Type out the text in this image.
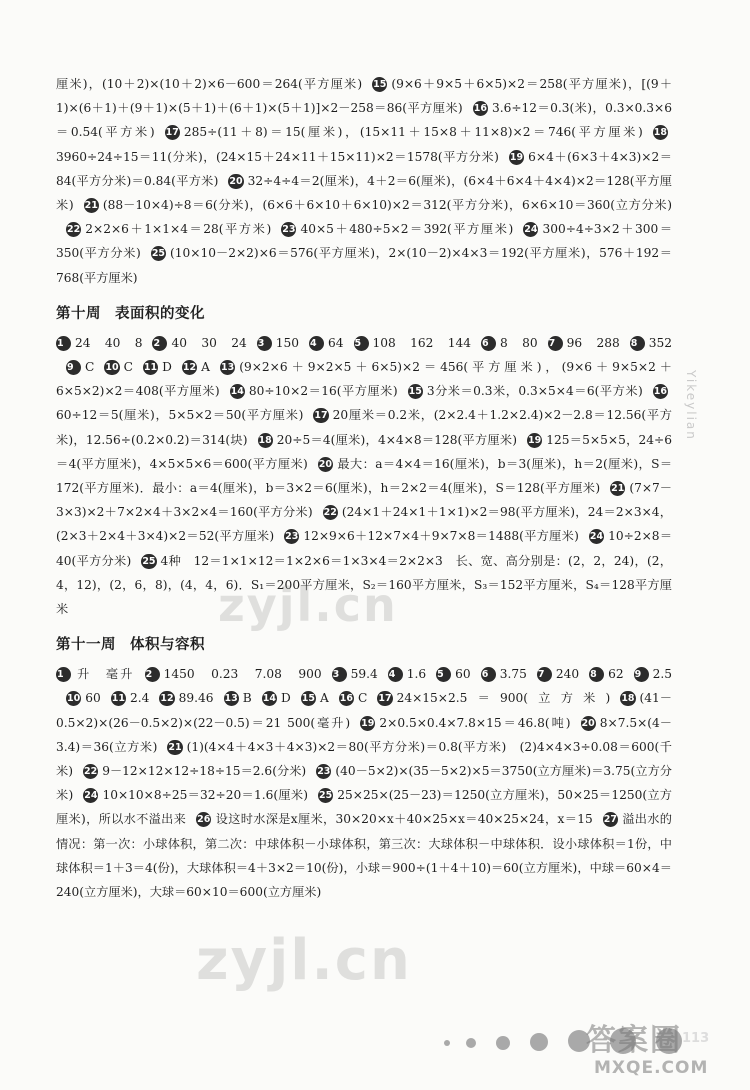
厘米)，(10＋2)×(10＋2)×6－600＝264(平方厘米) 15 (9×6＋9×5＋6×5)×2＝258(平方厘米)，[(9＋1)×(6＋1)＋(9＋1)×(5＋1)＋(6＋1)×(5＋1)]×2－258＝86(平方厘米) 16 3.6÷12＝0.3(米)，0.3×0.3×6＝0.54(平方米) 17 285÷(11＋8)＝15(厘米)，(15×11＋15×8＋11×8)×2＝746(平方厘米) 183960÷24÷15＝11(分米)，(24×15＋24×11＋15×11)×2＝1578(平方分米) 19 6×4＋(6×3＋4×3)×2＝84(平方分米)＝0.84(平方米) 20 32÷4÷4＝2(厘米)，4＋2＝6(厘米)，(6×4＋6×4＋4×4)×2＝128(平方厘米) 21 (88－10×4)÷8＝6(分米)，(6×6＋6×10＋6×10)×2＝312(平方分米)，6×6×10＝360(立方分米)22 2×2×6＋1×1×4＝28(平方米) 23 40×5＋480÷5×2＝392(平方厘米) 24 300÷4÷3×2＋300＝350(平方分米) 25 (10×10－2×2)×6＝576(平方厘米)，2×(10－2)×4×3＝192(平方厘米)，576＋192＝768(平方厘米)

第十周 表面积的变化

1 24　40　8 2 40　30　24 3 150 4 64 5 108　162　144 6 8　80 7 96　288 8 3529 C 10 C 11 D 12 A 13 (9×2×6＋9×2×5＋6×5)×2＝456(平方厘米)，(9×6＋9×5×2＋6×5×2)×2＝408(平方厘米) 14 80÷10×2＝16(平方厘米) 15 3分米＝0.3米，0.3×5×4＝6(平方米) 1660÷12＝5(厘米)，5×5×2＝50(平方厘米) 17 20厘米＝0.2米，(2×2.4＋1.2×2.4)×2－2.8＝12.56(平方米)，12.56÷(0.2×0.2)＝314(块) 18 20÷5＝4(厘米)，4×4×8＝128(平方厘米) 19 125＝5×5×5，24÷6＝4(平方厘米)，4×5×5×6＝600(平方厘米) 20 最大：a＝4×4＝16(厘米)，b＝3(厘米)，h＝2(厘米)，S＝172(平方厘米)．最小：a＝4(厘米)，b＝3×2＝6(厘米)，h＝2×2＝4(厘米)，S＝128(平方厘米) 21 (7×7－3×3)×2＋7×2×4＋3×2×4＝160(平方分米) 22 (24×1＋24×1＋1×1)×2＝98(平方厘米)，24＝2×3×4，(2×3＋2×4＋3×4)×2＝52(平方厘米) 23 12×9×6＋12×7×4＋9×7×8＝1488(平方厘米) 24 10÷2×8＝40(平方分米) 25 4种　12＝1×1×12＝1×2×6＝1×3×4＝2×2×3　长、宽、高分别是：(2，2，24)，(2，4，12)，(2，6，8)，(4，4，6)．S₁＝200平方厘米，S₂＝160平方厘米，S₃＝152平方厘米，S₄＝128平方厘米

第十一周 体积与容积

1 升　毫升 2 1450　0.23　7.08　900 3 59.4 4 1.6 5 60 6 3.75 7 240 8 62 9 2.510 60 11 2.4 12 89.46 13 B 14 D 15 A 16 C 17 24×15×2.5＝900(立方米) 18 (41－0.5×2)×(26－0.5×2)×(22－0.5)＝21 500(毫升) 19 2×0.5×0.4×7.8×15＝46.8(吨) 20 8×7.5×(4－3.4)＝36(立方米) 21 (1)(4×4＋4×3＋4×3)×2＝80(平方分米)＝0.8(平方米)　(2)4×4×3÷0.08＝600(千米) 22 9－12×12×12÷18÷15＝2.6(分米) 23 (40－5×2)×(35－5×2)×5＝3750(立方厘米)＝3.75(立方分米) 24 10×10×8÷25＝32÷20＝1.6(厘米) 25 25×25×(25－23)＝1250(立方厘米)，50×25＝1250(立方厘米)，所以水不溢出来 26 设这时水深是x厘米，30×20×x＋40×25×x＝40×25×24，x＝15 27 溢出水的情况：第一次：小球体积，第二次：中球体积－小球体积，第三次：大球体积－中球体积．设小球体积＝1份，中球体积＝1＋3＝4(份)，大球体积＝4＋3×2＝10(份)，小球＝900÷(1＋4＋10)＝60(立方厘米)，中球＝60×4＝240(立方厘米)，大球＝60×10＝600(立方厘米)

Yikeylian
zyjl.cn
zyjl.cn
113
答案圈
MXQE.COM
